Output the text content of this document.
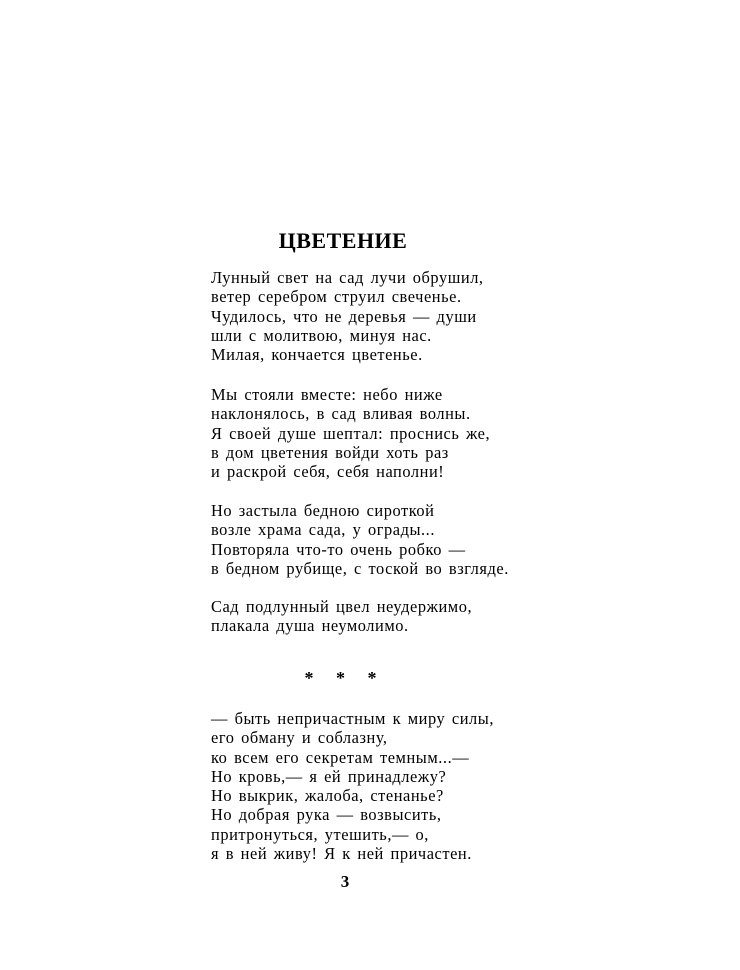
ЦВЕТЕНИЕ
Лунный свет на сад лучи обрушил,
ветер серебром струил свеченье.
Чудилось, что не деревья — души
шли с молитвою, минуя нас.
Милая, кончается цветенье.
Мы стояли вместе: небо ниже
наклонялось, в сад вливая волны.
Я своей душе шептал: проснись же,
в дом цветения войди хоть раз
и раскрой себя, себя наполни!
Но застыла бедною сироткой
возле храма сада, у ограды...
Повторяла что-то очень робко —
в бедном рубище, с тоской во взгляде.
Сад подлунный цвел неудержимо,
плакала душа неумолимо.
* * *
— быть непричастным к миру силы,
его обману и соблазну,
ко всем его секретам темным...—
Но кровь,— я ей принадлежу?
Но выкрик, жалоба, стенанье?
Но добрая рука — возвысить,
притронуться, утешить,— о,
я в ней живу! Я к ней причастен.
3
